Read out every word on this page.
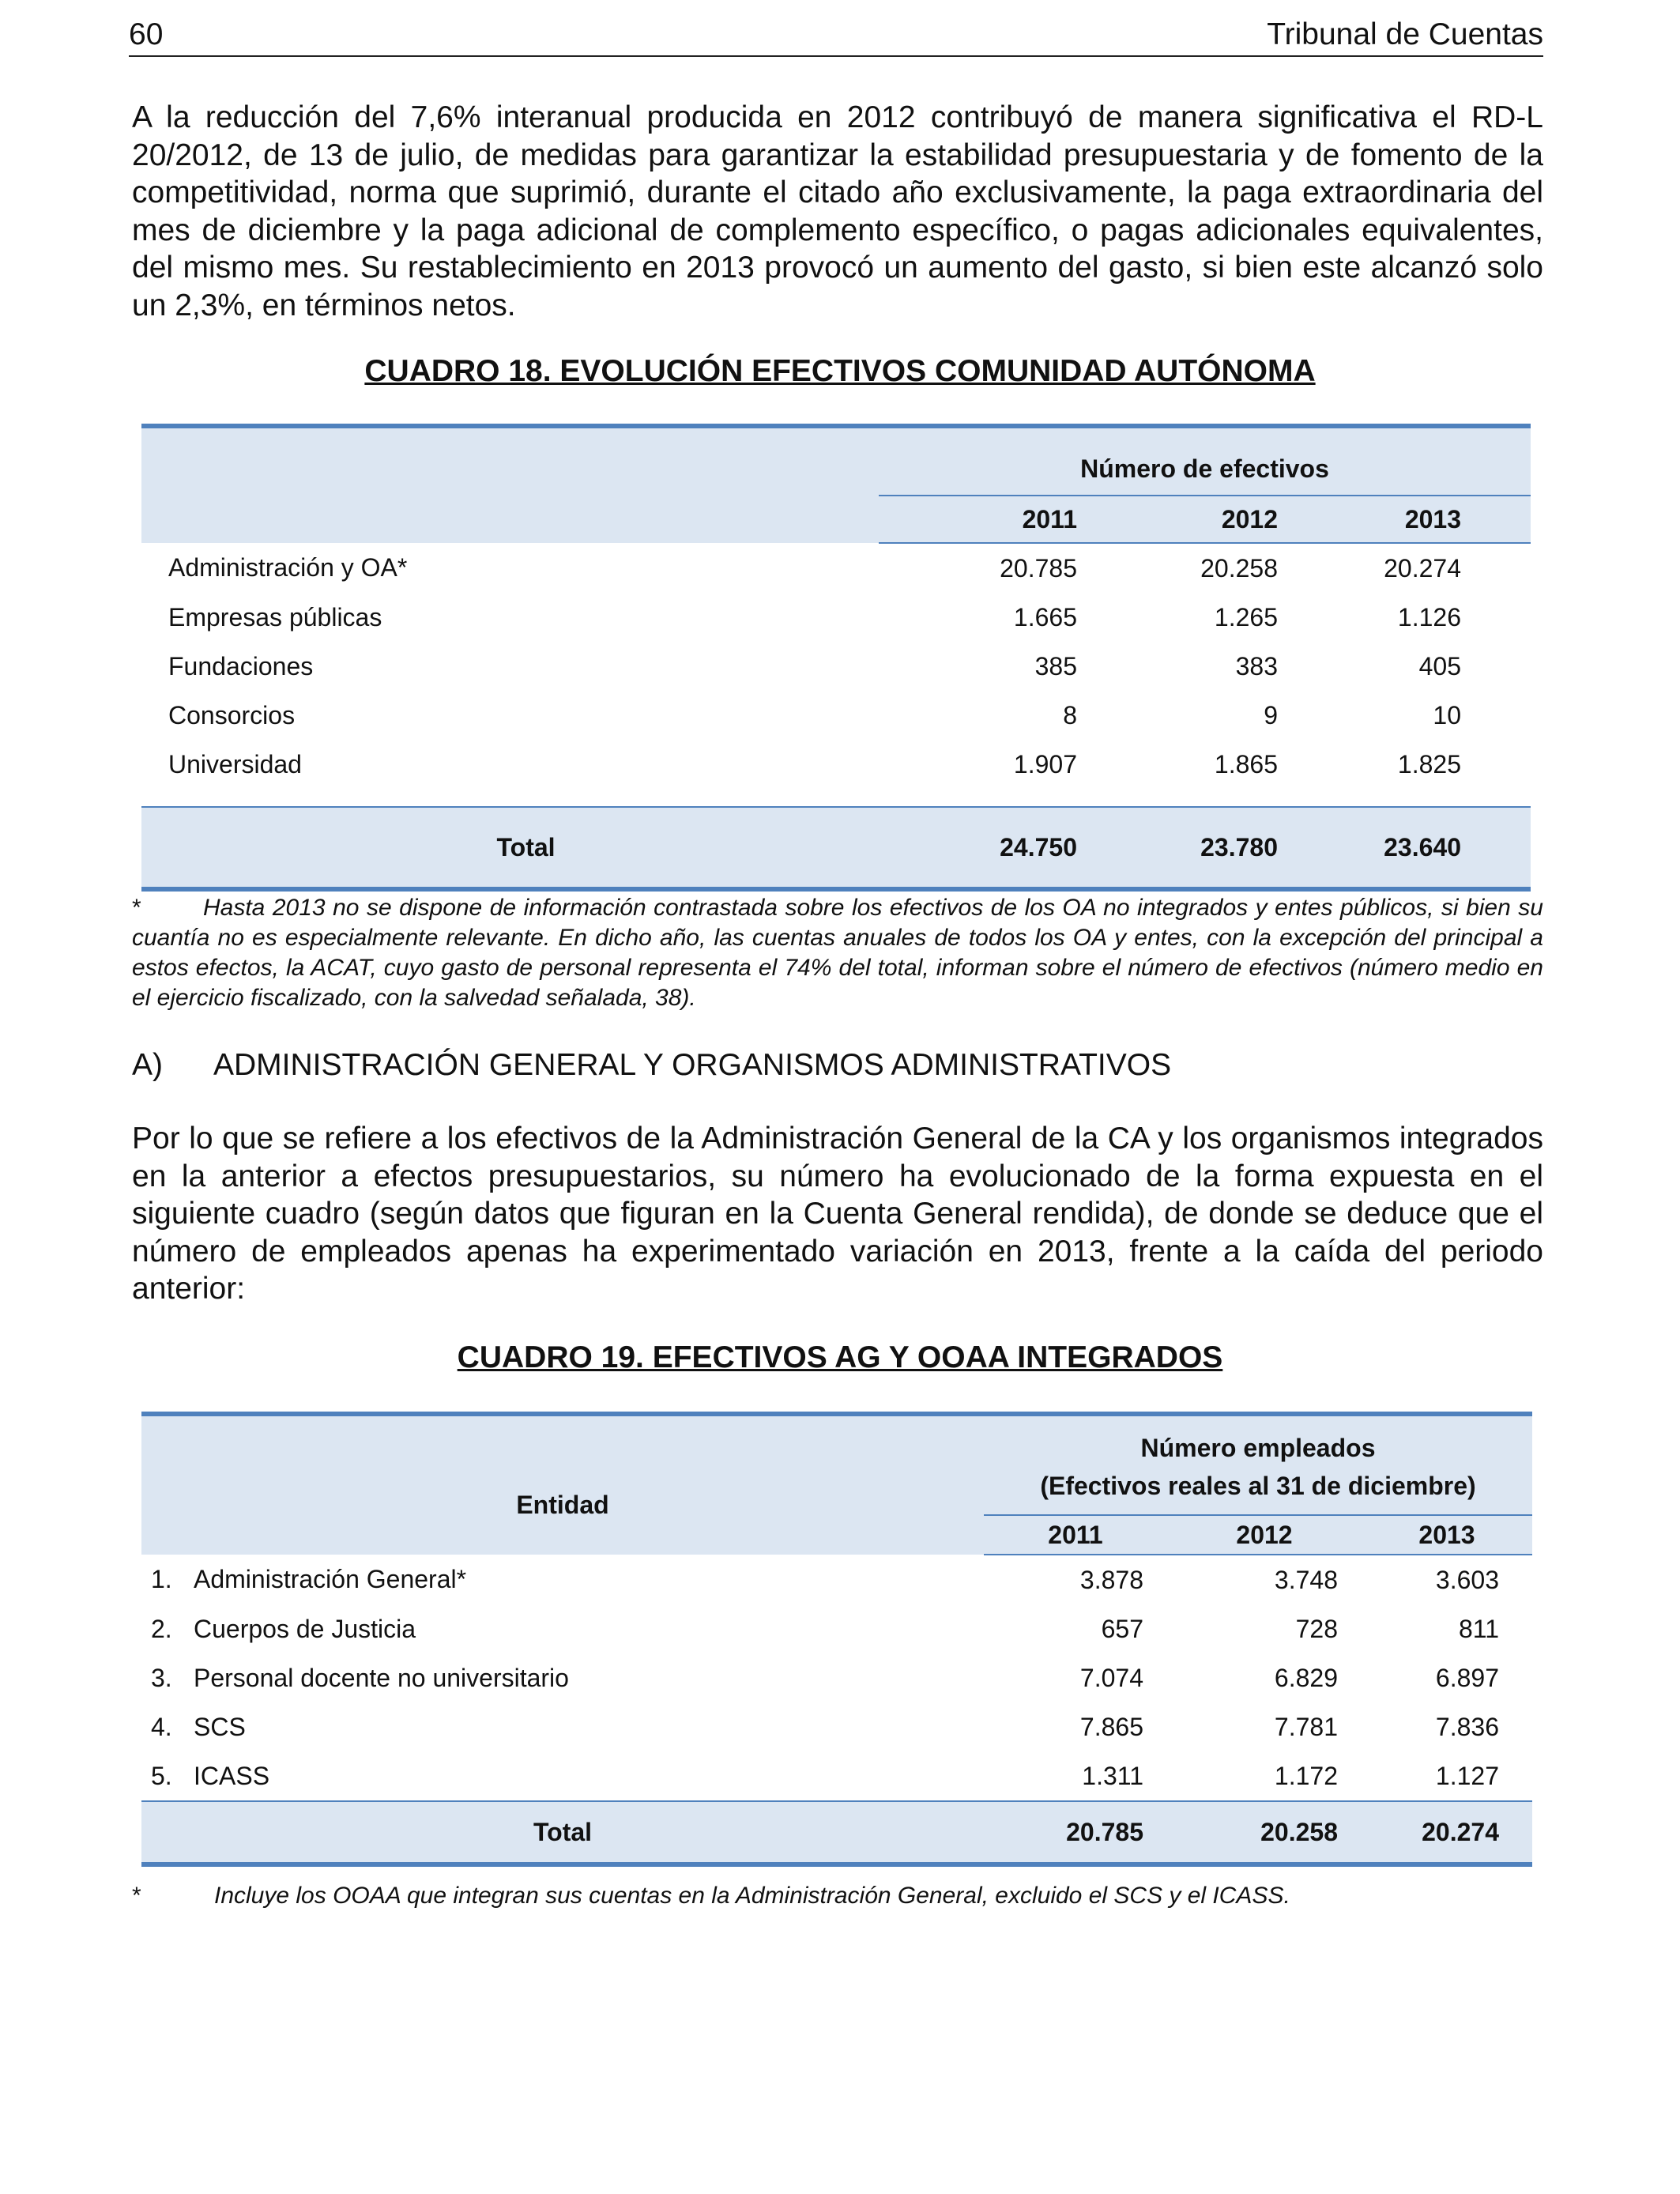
60	Tribunal de Cuentas

A la reducción del 7,6% interanual producida en 2012 contribuyó de manera significativa el RD-L 20/2012, de 13 de julio, de medidas para garantizar la estabilidad presupuestaria y de fomento de la competitividad, norma que suprimió, durante el citado año exclusivamente, la paga extraordinaria del mes de diciembre y la paga adicional de complemento específico, o pagas adicionales equivalentes, del mismo mes. Su restablecimiento en 2013 provocó un aumento del gasto, si bien este alcanzó solo un 2,3%, en términos netos.

CUADRO 18. EVOLUCIÓN EFECTIVOS COMUNIDAD AUTÓNOMA
	Número de efectivos		
	2011	2012	2013
Administración y OA*	20.785	20.258	20.274
Empresas públicas	1.665	1.265	1.126
Fundaciones	385	383	405
Consorcios	8	9	10
Universidad	1.907	1.865	1.825

Total	24.750	23.780	23.640

*	Hasta 2013 no se dispone de información contrastada sobre los efectivos de los OA no integrados y entes públicos, si bien su cuantía no es especialmente relevante. En dicho año, las cuentas anuales de todos los OA y entes, con la excepción del principal a estos efectos, la ACAT, cuyo gasto de personal representa el 74% del total, informan sobre el número de efectivos (número medio en el ejercicio fiscalizado, con la salvedad señalada, 38).

A) ADMINISTRACIÓN GENERAL Y ORGANISMOS ADMINISTRATIVOS

Por lo que se refiere a los efectivos de la Administración General de la CA y los organismos integrados en la anterior a efectos presupuestarios, su número ha evolucionado de la forma expuesta en el siguiente cuadro (según datos que figuran en la Cuenta General rendida), de donde se deduce que el número de empleados apenas ha experimentado variación en 2013, frente a la caída del periodo anterior:

CUADRO 19. EFECTIVOS AG Y OOAA INTEGRADOS
Entidad		Número empleados
(Efectivos reales al 31 de diciembre)		

		2011	2012	2013
1.	Administración General*	3.878	3.748	3.603
2.	Cuerpos de Justicia	657	728	811
3.	Personal docente no universitario	7.074	6.829	6.897
4.	SCS	7.865	7.781	7.836
5.	ICASS	1.311	1.172	1.127
Total		20.785	20.258	20.274

*	Incluye los OOAA que integran sus cuentas en la Administración General, excluido el SCS y el ICASS.
